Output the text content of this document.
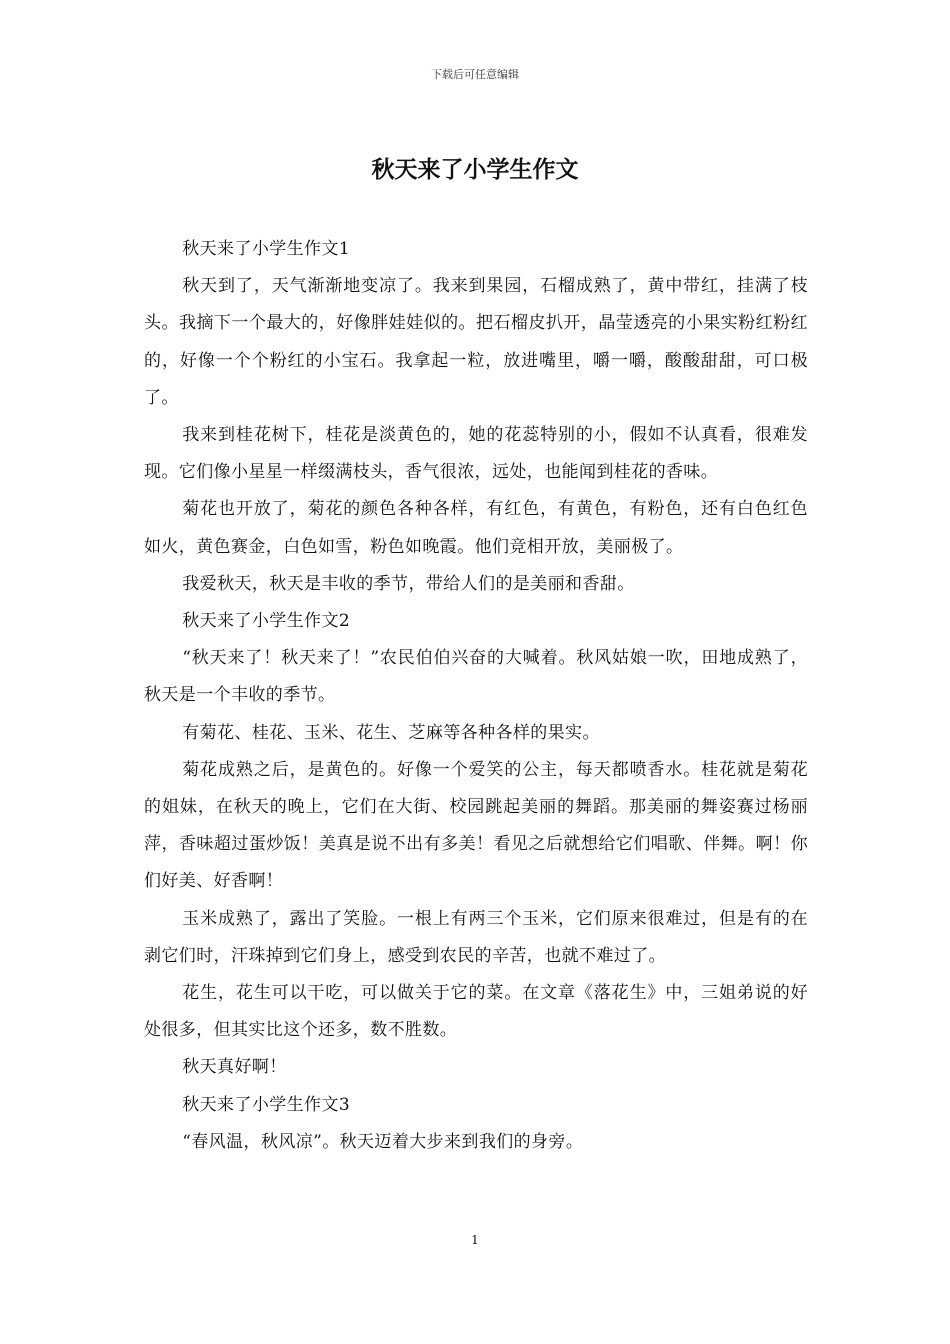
下载后可任意编辑
秋天来了小学生作文

秋天来了小学生作文1

秋天到了，天气渐渐地变凉了。我来到果园，石榴成熟了，黄中带红，挂满了枝头。我摘下一个最大的，好像胖娃娃似的。把石榴皮扒开，晶莹透亮的小果实粉红粉红的，好像一个个粉红的小宝石。我拿起一粒，放进嘴里，嚼一嚼，酸酸甜甜，可口极了。

我来到桂花树下，桂花是淡黄色的，她的花蕊特别的小，假如不认真看，很难发现。它们像小星星一样缀满枝头，香气很浓，远处，也能闻到桂花的香味。

菊花也开放了，菊花的颜色各种各样，有红色，有黄色，有粉色，还有白色红色如火，黄色赛金，白色如雪，粉色如晚霞。他们竞相开放，美丽极了。

我爱秋天，秋天是丰收的季节，带给人们的是美丽和香甜。

秋天来了小学生作文2

“秋天来了！秋天来了！”农民伯伯兴奋的大喊着。秋风姑娘一吹，田地成熟了，秋天是一个丰收的季节。

有菊花、桂花、玉米、花生、芝麻等各种各样的果实。

菊花成熟之后，是黄色的。好像一个爱笑的公主，每天都喷香水。桂花就是菊花的姐妹，在秋天的晚上，它们在大街、校园跳起美丽的舞蹈。那美丽的舞姿赛过杨丽萍，香味超过蛋炒饭！美真是说不出有多美！看见之后就想给它们唱歌、伴舞。啊！你们好美、好香啊！

玉米成熟了，露出了笑脸。一根上有两三个玉米，它们原来很难过，但是有的在剥它们时，汗珠掉到它们身上，感受到农民的辛苦，也就不难过了。

花生，花生可以干吃，可以做关于它的菜。在文章《落花生》中，三姐弟说的好处很多，但其实比这个还多，数不胜数。

秋天真好啊！

秋天来了小学生作文3

“春风温，秋风凉”。秋天迈着大步来到我们的身旁。

1
